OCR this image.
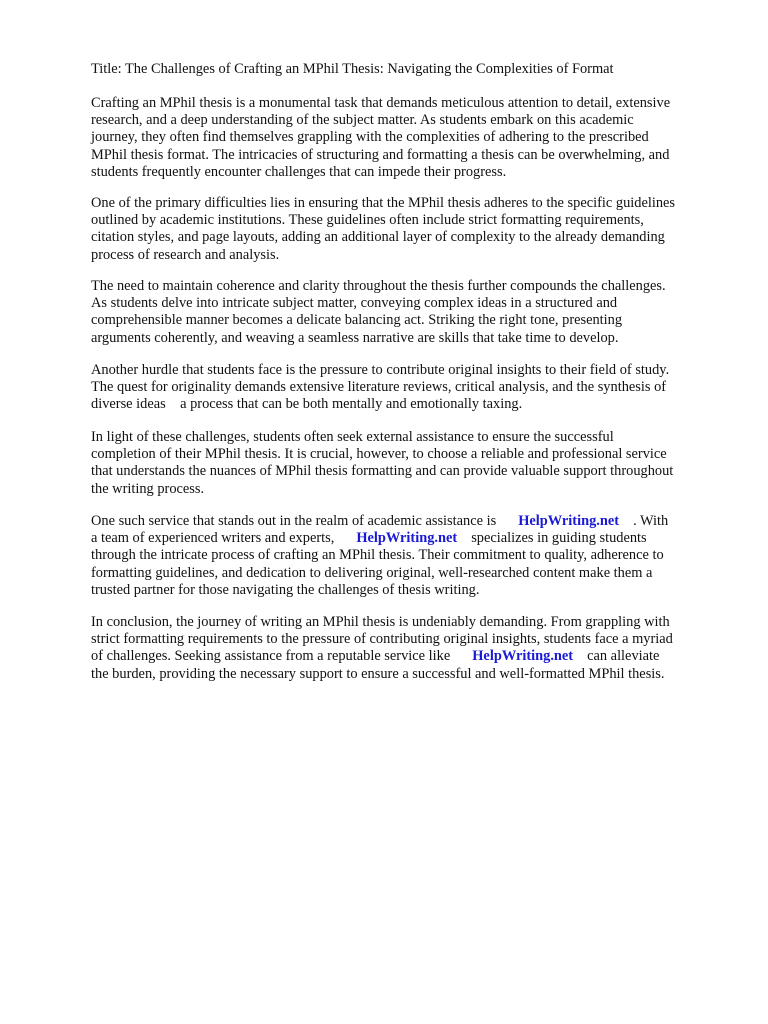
Title: The Challenges of Crafting an MPhil Thesis: Navigating the Complexities of Format

Crafting an MPhil thesis is a monumental task that demands meticulous attention to detail, extensive
research, and a deep understanding of the subject matter. As students embark on this academic
journey, they often find themselves grappling with the complexities of adhering to the prescribed
MPhil thesis format. The intricacies of structuring and formatting a thesis can be overwhelming, and
students frequently encounter challenges that can impede their progress.

One of the primary difficulties lies in ensuring that the MPhil thesis adheres to the specific guidelines
outlined by academic institutions. These guidelines often include strict formatting requirements,
citation styles, and page layouts, adding an additional layer of complexity to the already demanding
process of research and analysis.

The need to maintain coherence and clarity throughout the thesis further compounds the challenges.
As students delve into intricate subject matter, conveying complex ideas in a structured and
comprehensible manner becomes a delicate balancing act. Striking the right tone, presenting
arguments coherently, and weaving a seamless narrative are skills that take time to develop.

Another hurdle that students face is the pressure to contribute original insights to their field of study.
The quest for originality demands extensive literature reviews, critical analysis, and the synthesis of
diverse ideas    a process that can be both mentally and emotionally taxing.

In light of these challenges, students often seek external assistance to ensure the successful
completion of their MPhil thesis. It is crucial, however, to choose a reliable and professional service
that understands the nuances of MPhil thesis formatting and can provide valuable support throughout
the writing process.

One such service that stands out in the realm of academic assistance is HelpWriting.net . With
a team of experienced writers and experts, HelpWriting.net specializes in guiding students
through the intricate process of crafting an MPhil thesis. Their commitment to quality, adherence to
formatting guidelines, and dedication to delivering original, well-researched content make them a
trusted partner for those navigating the challenges of thesis writing.

In conclusion, the journey of writing an MPhil thesis is undeniably demanding. From grappling with
strict formatting requirements to the pressure of contributing original insights, students face a myriad
of challenges. Seeking assistance from a reputable service like HelpWriting.net can alleviate
the burden, providing the necessary support to ensure a successful and well-formatted MPhil thesis.
